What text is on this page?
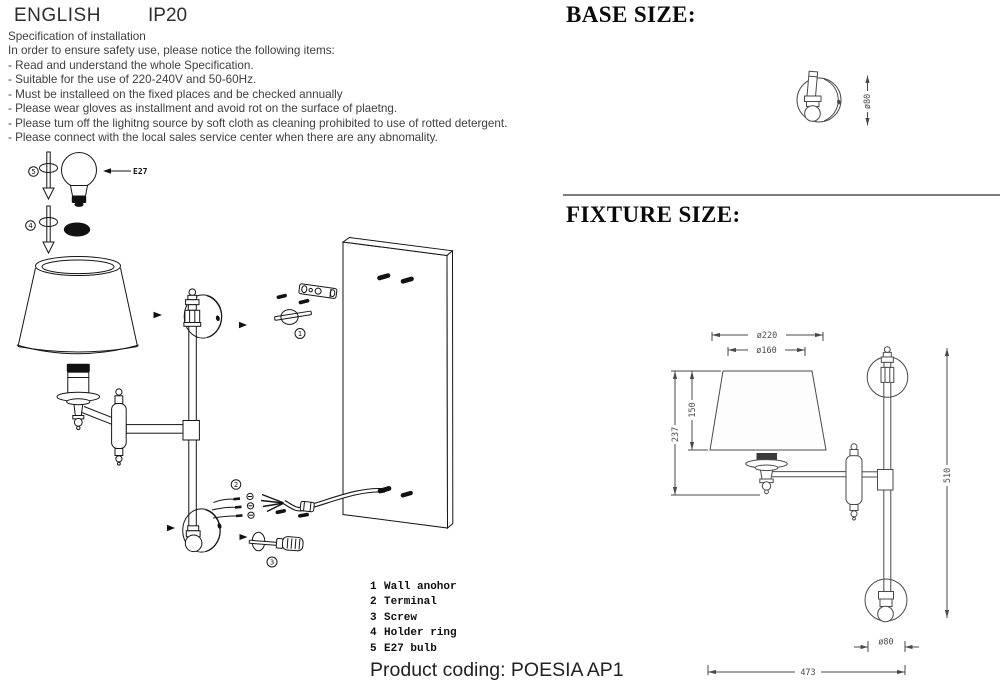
ENGLISH IP20
Specification of installation
In order to ensure safety use, please notice the following items:
- Read and understand the whole Specification.
- Suitable for the use of 220-240V and 50-60Hz.
- Must be installeed on the fixed places and be checked annually
- Please wear gloves as installment and avoid rot on the surface of plaetng.
- Please tum off the lighitng source by soft cloth as cleaning prohibited to use of rotted detergent.
- Please connect with the local sales service center when there are any abnomality.
5	E27
4
1
2
3
BASE SIZE:
ø80
FIXTURE SIZE:
ø220
ø160
237
150
510
ø80
473
1 Wall anohor
2 Terminal
3 Screw
4 Holder ring
5 E27 bulb
Product coding: POESIA AP1
